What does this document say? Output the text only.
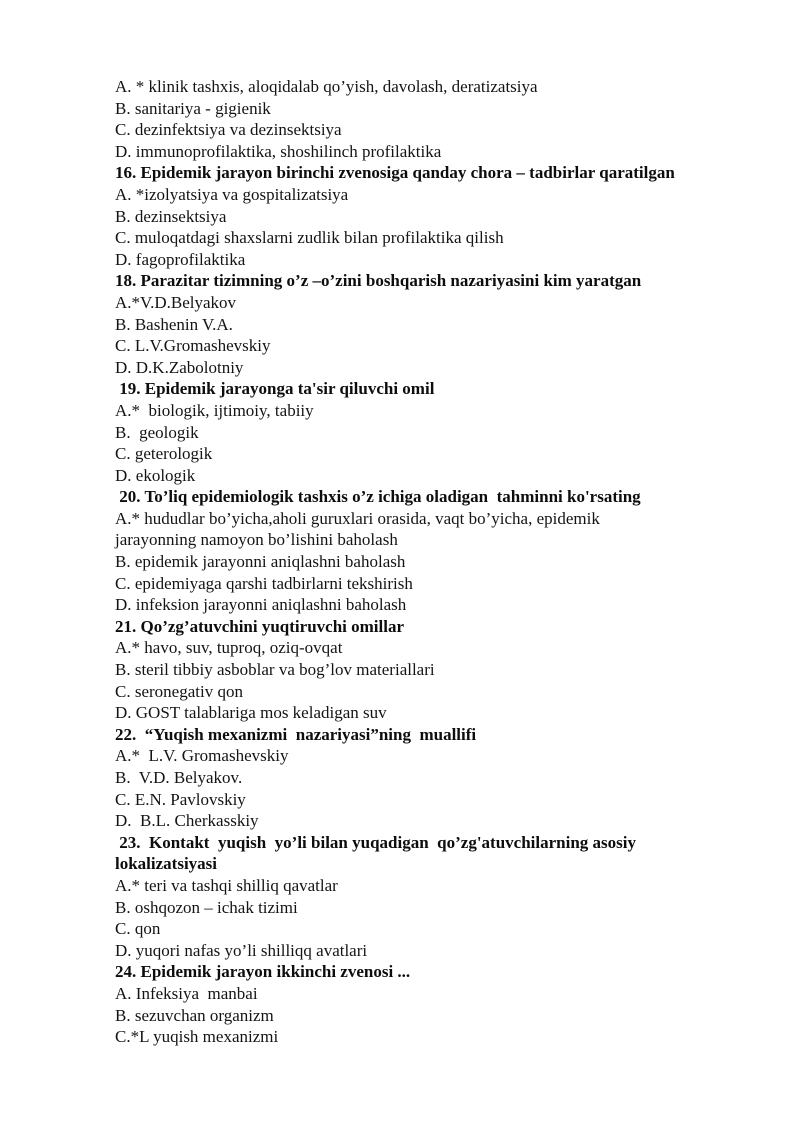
A. * klinik tashxis, aloqidalab qo’yish, davolash, deratizatsiya

B. sanitariya - gigienik

C. dezinfektsiya va dezinsektsiya

D. immunoprofilaktika, shoshilinch profilaktika

16. Epidemik jarayon birinchi zvenosiga qanday chora – tadbirlar qaratilgan

A. *izolyatsiya va gospitalizatsiya

B. dezinsektsiya

C. muloqatdagi shaxslarni zudlik bilan profilaktika qilish

D. fagoprofilaktika

18. Parazitar tizimning o’z –o’zini boshqarish nazariyasini kim yaratgan

A.*V.D.Belyakov

B. Bashenin V.A.

C. L.V.Gromashevskiy

D. D.K.Zabolotniy

19. Epidemik jarayonga ta'sir qiluvchi omil

A.*  biologik, ijtimoiy, tabiiy

B.  geologik

C. geterologik

D. ekologik

20. To’liq epidemiologik tashxis o’z ichiga oladigan  tahminni ko'rsating

A.* hududlar bo’yicha,aholi guruxlari orasida, vaqt bo’yicha, epidemik

jarayonning namoyon bo’lishini baholash

B. epidemik jarayonni aniqlashni baholash

C. epidemiyaga qarshi tadbirlarni tekshirish

D. infeksion jarayonni aniqlashni baholash

21. Qo’zg’atuvchini yuqtiruvchi omillar

A.* havo, suv, tuproq, oziq-ovqat

B. steril tibbiy asboblar va bog’lov materiallari

C. seronegativ qon

D. GOST talablariga mos keladigan suv

22.  “Yuqish mexanizmi  nazariyasi”ning  muallifi

A.*  L.V. Gromashevskiy

B.  V.D. Belyakov.

C. E.N. Pavlovskiy

D.  B.L. Cherkasskiy

23.  Kontakt  yuqish  yo’li bilan yuqadigan  qo’zg'atuvchilarning asosiy

lokalizatsiyasi

A.* teri va tashqi shilliq qavatlar

B. oshqozon – ichak tizimi

C. qon

D. yuqori nafas yo’li shilliqq avatlari

24. Epidemik jarayon ikkinchi zvenosi ...

A. Infeksiya  manbai

B. sezuvchan organizm

C.*L yuqish mexanizmi
